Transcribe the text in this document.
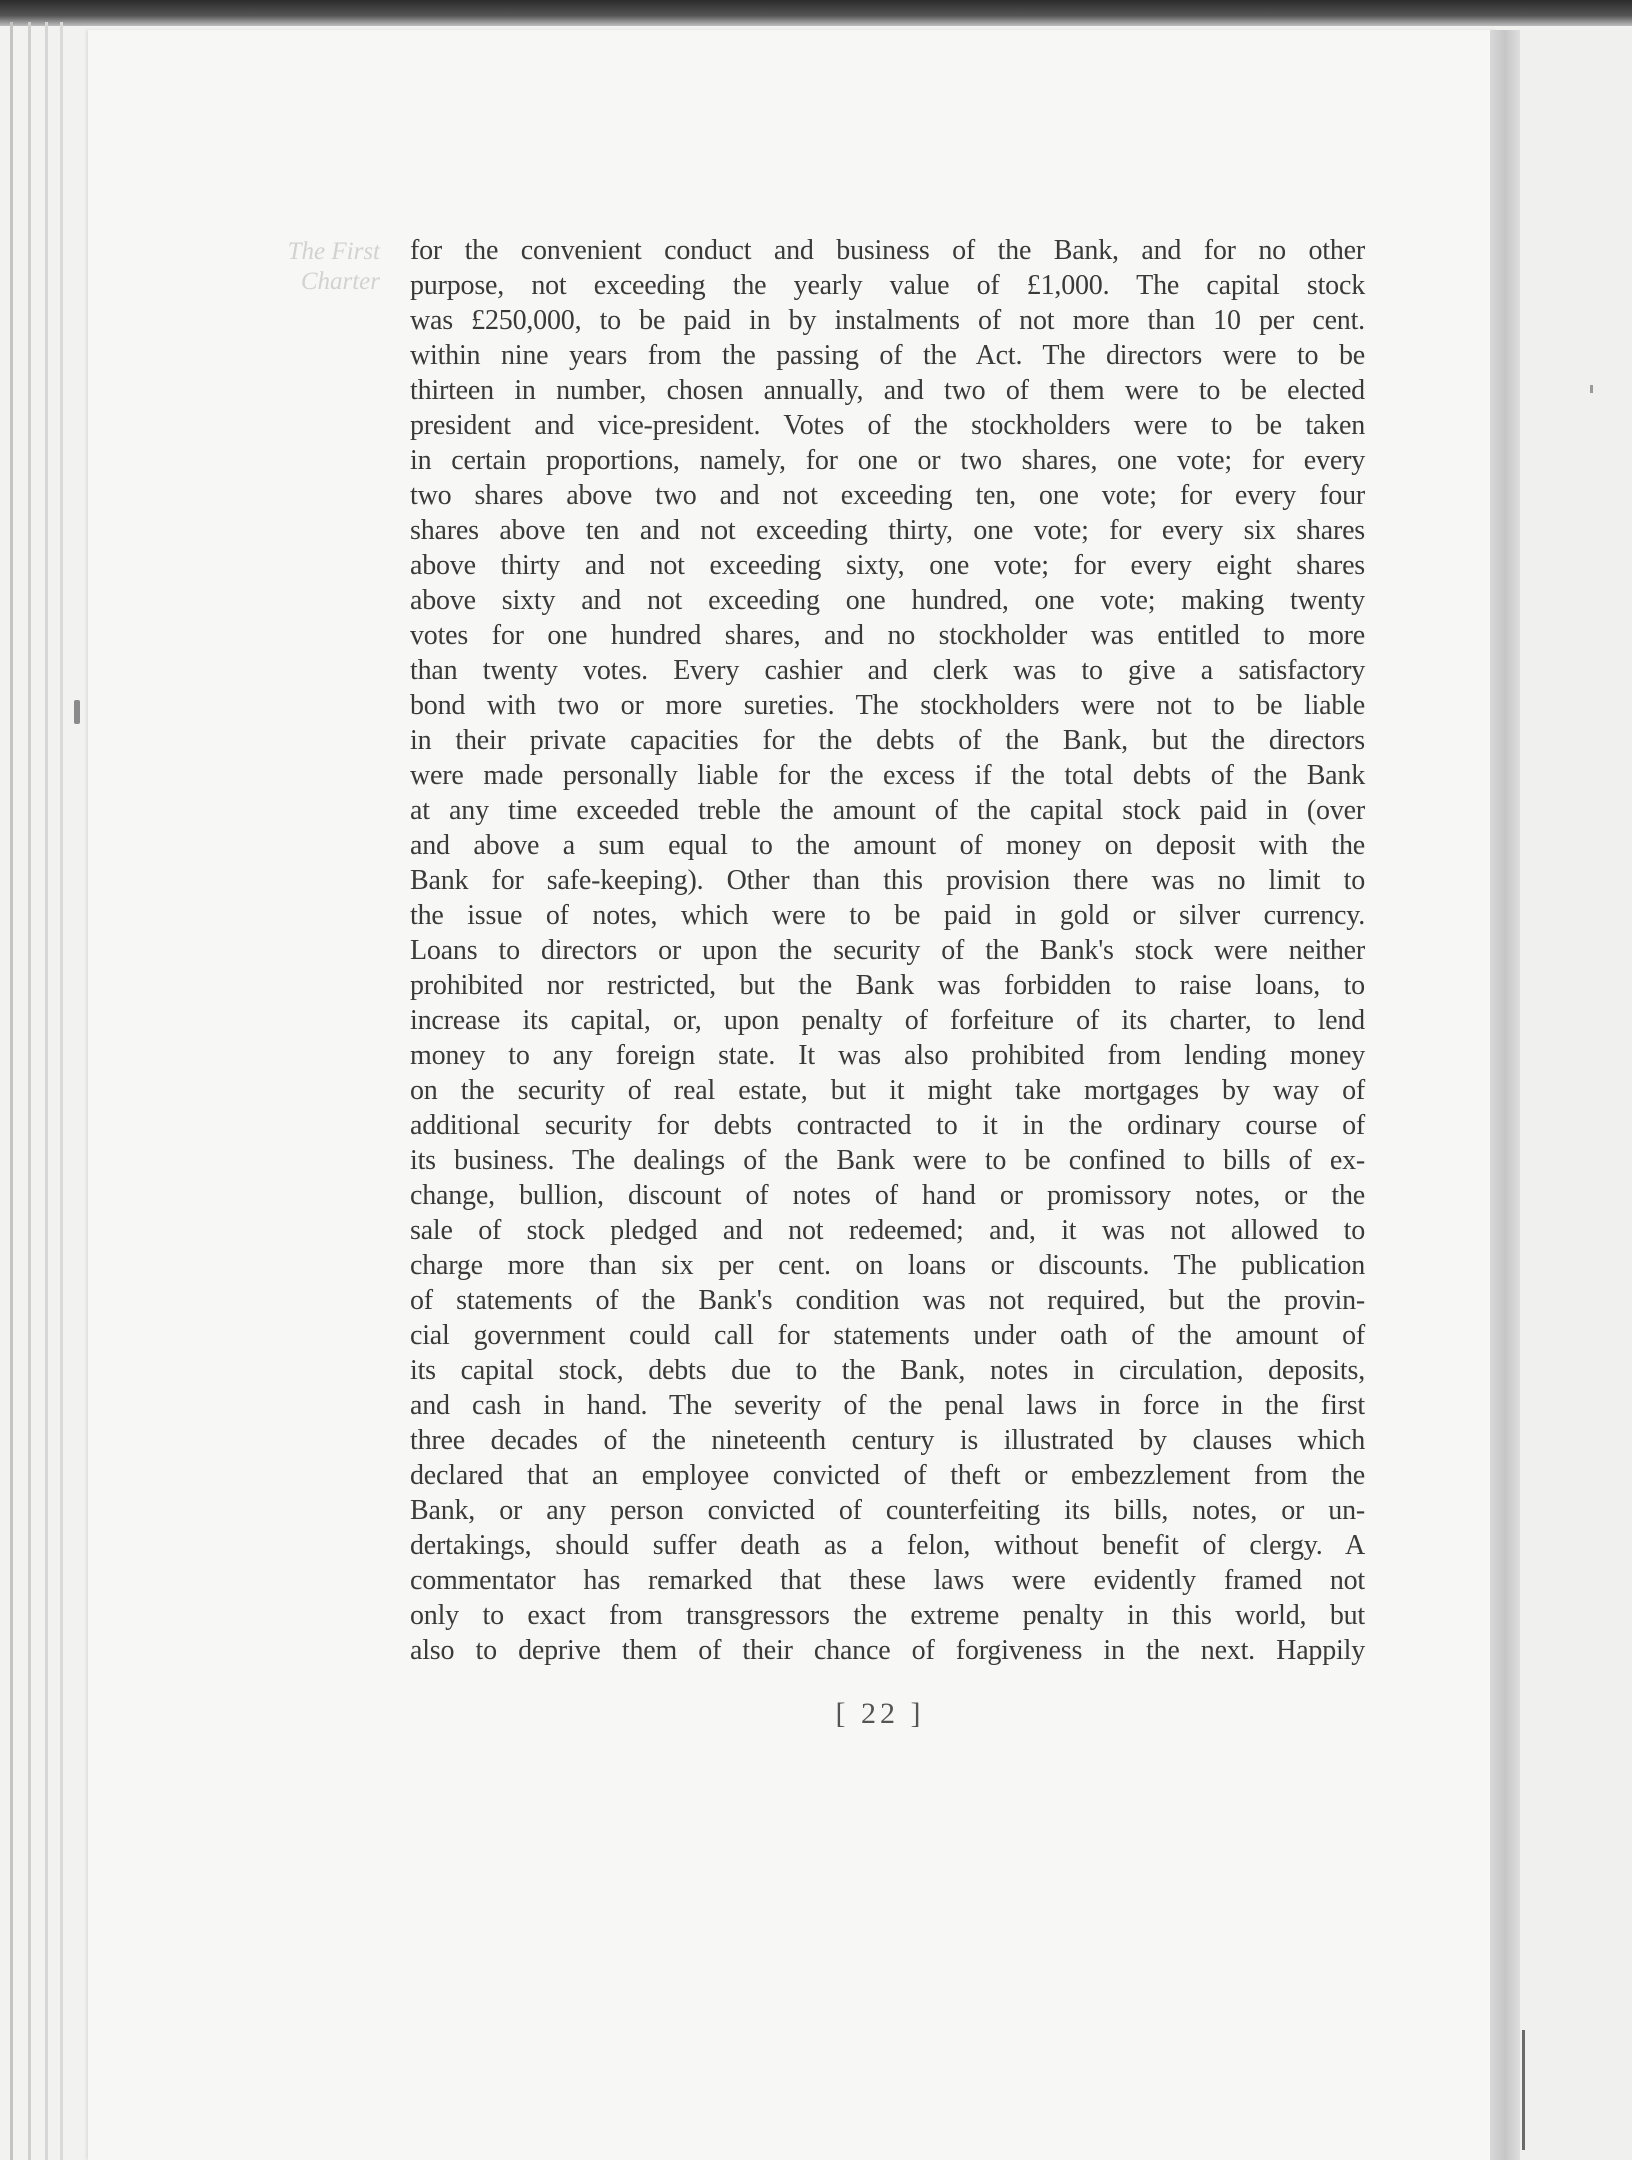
The First
Charter
for the convenient conduct and business of the Bank, and for no other
purpose, not exceeding the yearly value of £1,000. The capital stock
was £250,000, to be paid in by instalments of not more than 10 per cent.
within nine years from the passing of the Act. The directors were to be
thirteen in number, chosen annually, and two of them were to be elected
president and vice-president. Votes of the stockholders were to be taken
in certain proportions, namely, for one or two shares, one vote; for every
two shares above two and not exceeding ten, one vote; for every four
shares above ten and not exceeding thirty, one vote; for every six shares
above thirty and not exceeding sixty, one vote; for every eight shares
above sixty and not exceeding one hundred, one vote; making twenty
votes for one hundred shares, and no stockholder was entitled to more
than twenty votes. Every cashier and clerk was to give a satisfactory
bond with two or more sureties. The stockholders were not to be liable
in their private capacities for the debts of the Bank, but the directors
were made personally liable for the excess if the total debts of the Bank
at any time exceeded treble the amount of the capital stock paid in (over
and above a sum equal to the amount of money on deposit with the
Bank for safe-keeping). Other than this provision there was no limit to
the issue of notes, which were to be paid in gold or silver currency.
Loans to directors or upon the security of the Bank's stock were neither
prohibited nor restricted, but the Bank was forbidden to raise loans, to
increase its capital, or, upon penalty of forfeiture of its charter, to lend
money to any foreign state. It was also prohibited from lending money
on the security of real estate, but it might take mortgages by way of
additional security for debts contracted to it in the ordinary course of
its business. The dealings of the Bank were to be confined to bills of ex-
change, bullion, discount of notes of hand or promissory notes, or the
sale of stock pledged and not redeemed; and, it was not allowed to
charge more than six per cent. on loans or discounts. The publication
of statements of the Bank's condition was not required, but the provin-
cial government could call for statements under oath of the amount of
its capital stock, debts due to the Bank, notes in circulation, deposits,
and cash in hand. The severity of the penal laws in force in the first
three decades of the nineteenth century is illustrated by clauses which
declared that an employee convicted of theft or embezzlement from the
Bank, or any person convicted of counterfeiting its bills, notes, or un-
dertakings, should suffer death as a felon, without benefit of clergy. A
commentator has remarked that these laws were evidently framed not
only to exact from transgressors the extreme penalty in this world, but
also to deprive them of their chance of forgiveness in the next. Happily
[ 22 ]
